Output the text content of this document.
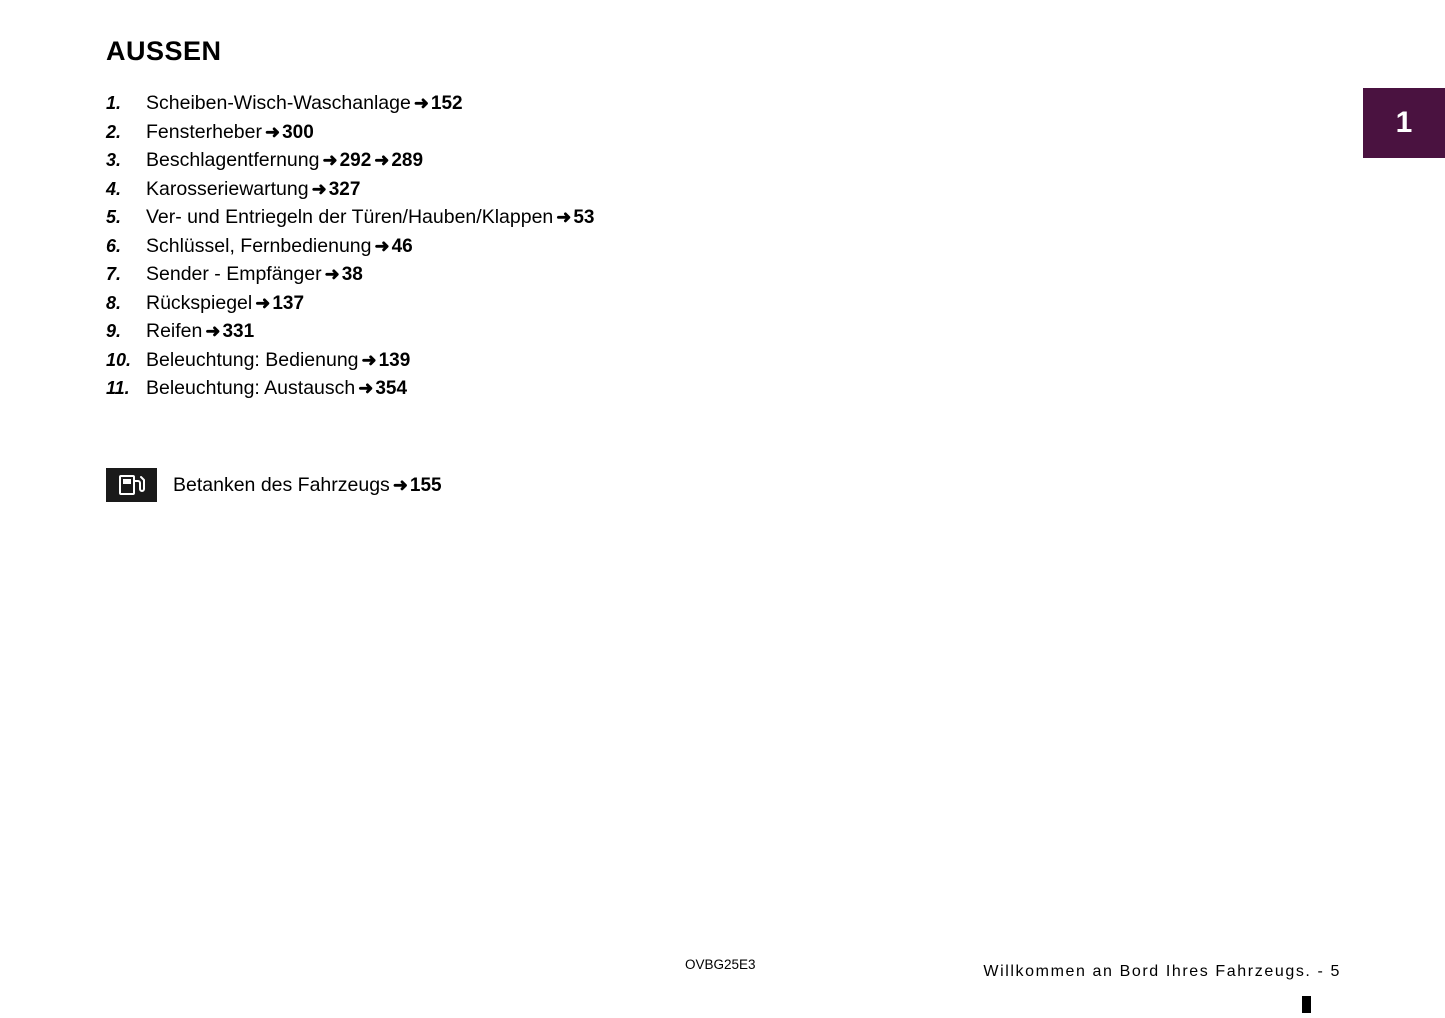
1
AUSSEN
1.	Scheiben-Wisch-Waschanlage ➜ 152
2.	Fensterheber ➜ 300
3.	Beschlagentfernung ➜ 292 ➜ 289
4.	Karosseriewartung ➜ 327
5.	Ver- und Entriegeln der Türen/Hauben/Klappen ➜ 53
6.	Schlüssel, Fernbedienung ➜ 46
7.	Sender - Empfänger ➜ 38
8.	Rückspiegel ➜ 137
9.	Reifen ➜ 331
10. Beleuchtung: Bedienung ➜ 139
11. Beleuchtung: Austausch ➜ 354
Betanken des Fahrzeugs ➜ 155
OVBG25E3	Willkommen an Bord Ihres Fahrzeugs. - 5
